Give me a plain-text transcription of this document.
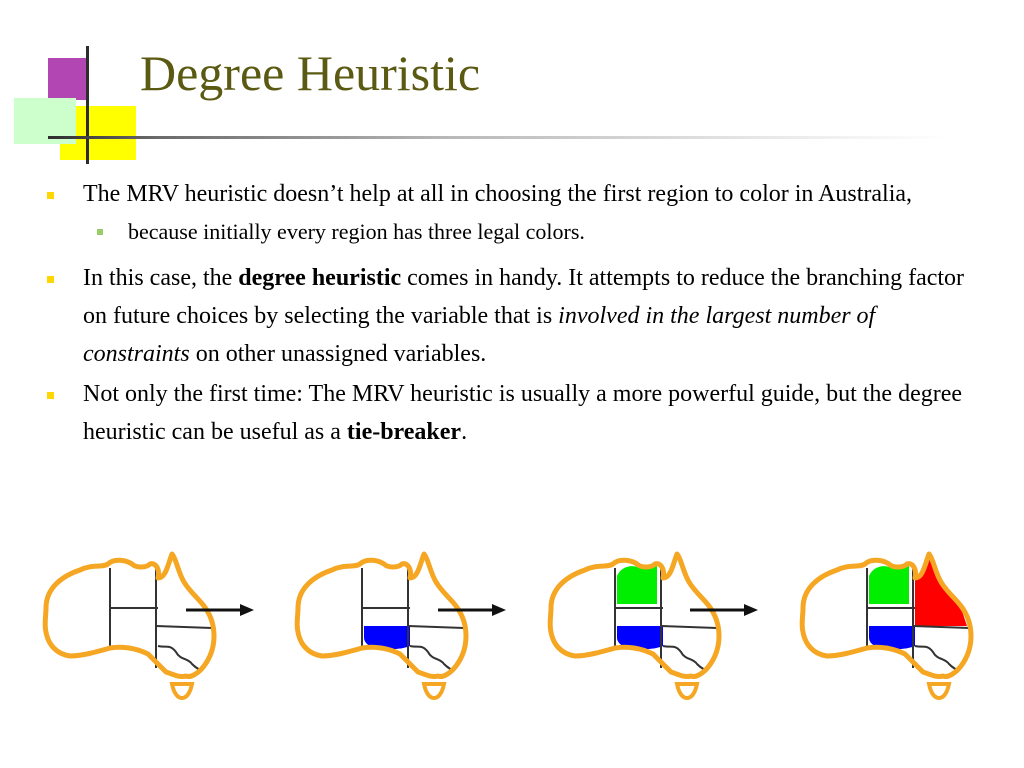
Degree Heuristic
The MRV heuristic doesn’t help at all in choosing the first region to color in Australia,
because initially every region has three legal colors.
In this case, the degree heuristic comes in handy. It attempts to reduce the branching factor on future choices by selecting the variable that is involved in the largest number of constraints on other unassigned variables.
Not only the first time: The MRV heuristic is usually a more powerful guide, but the degree heuristic can be useful as a tie-breaker.
